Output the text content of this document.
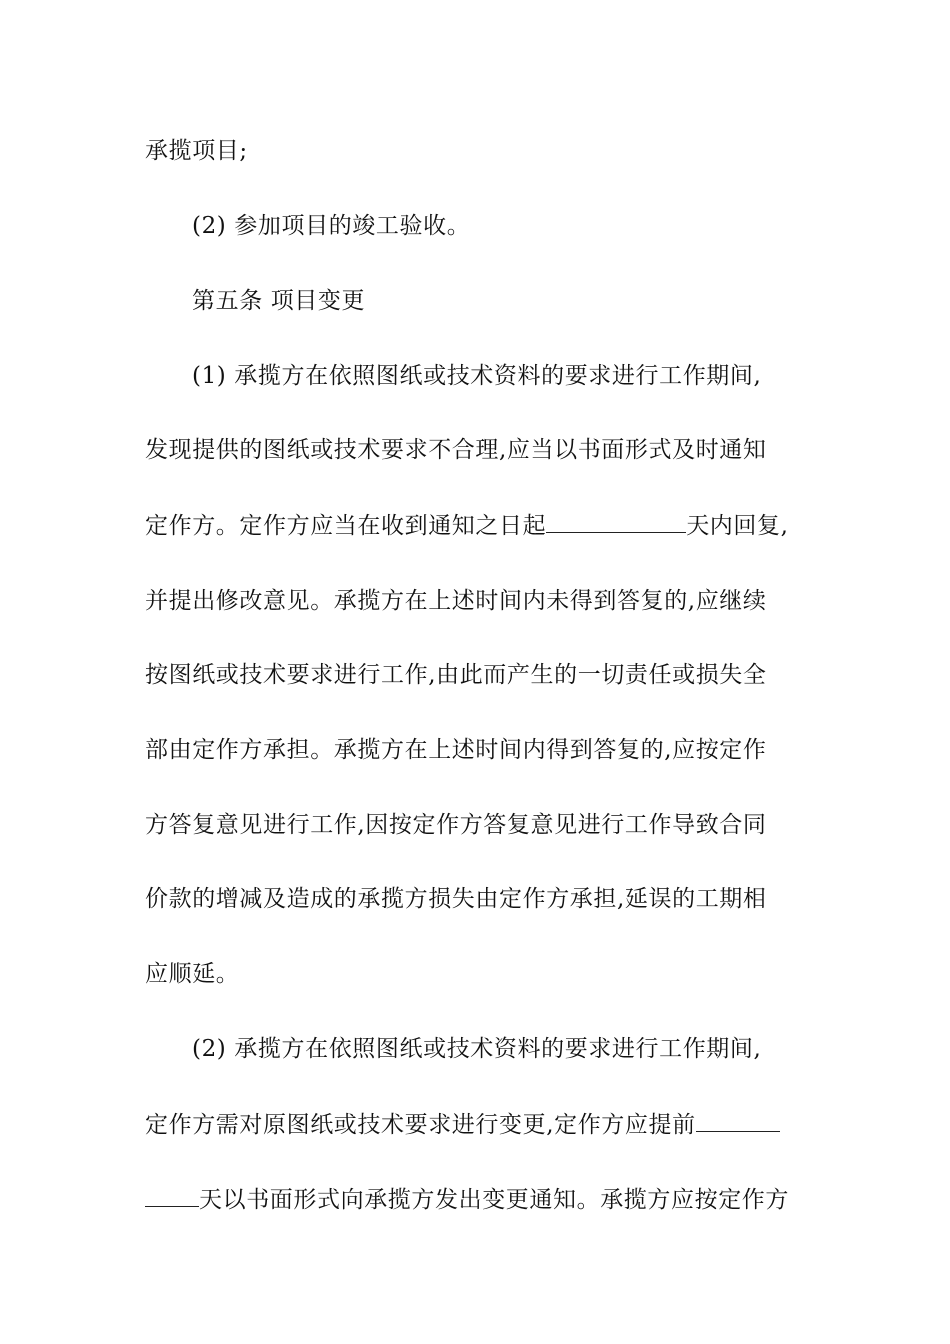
承揽项目;
(2) 参加项目的竣工验收。
第五条 项目变更
(1) 承揽方在依照图纸或技术资料的要求进行工作期间,
发现提供的图纸或技术要求不合理,应当以书面形式及时通知
定作方。定作方应当在收到通知之日起	天内回复,
并提出修改意见。承揽方在上述时间内未得到答复的,应继续
按图纸或技术要求进行工作,由此而产生的一切责任或损失全
部由定作方承担。承揽方在上述时间内得到答复的,应按定作
方答复意见进行工作,因按定作方答复意见进行工作导致合同
价款的增减及造成的承揽方损失由定作方承担,延误的工期相
应顺延。
(2) 承揽方在依照图纸或技术资料的要求进行工作期间,
定作方需对原图纸或技术要求进行变更,定作方应提前
天以书面形式向承揽方发出变更通知。承揽方应按定作方
